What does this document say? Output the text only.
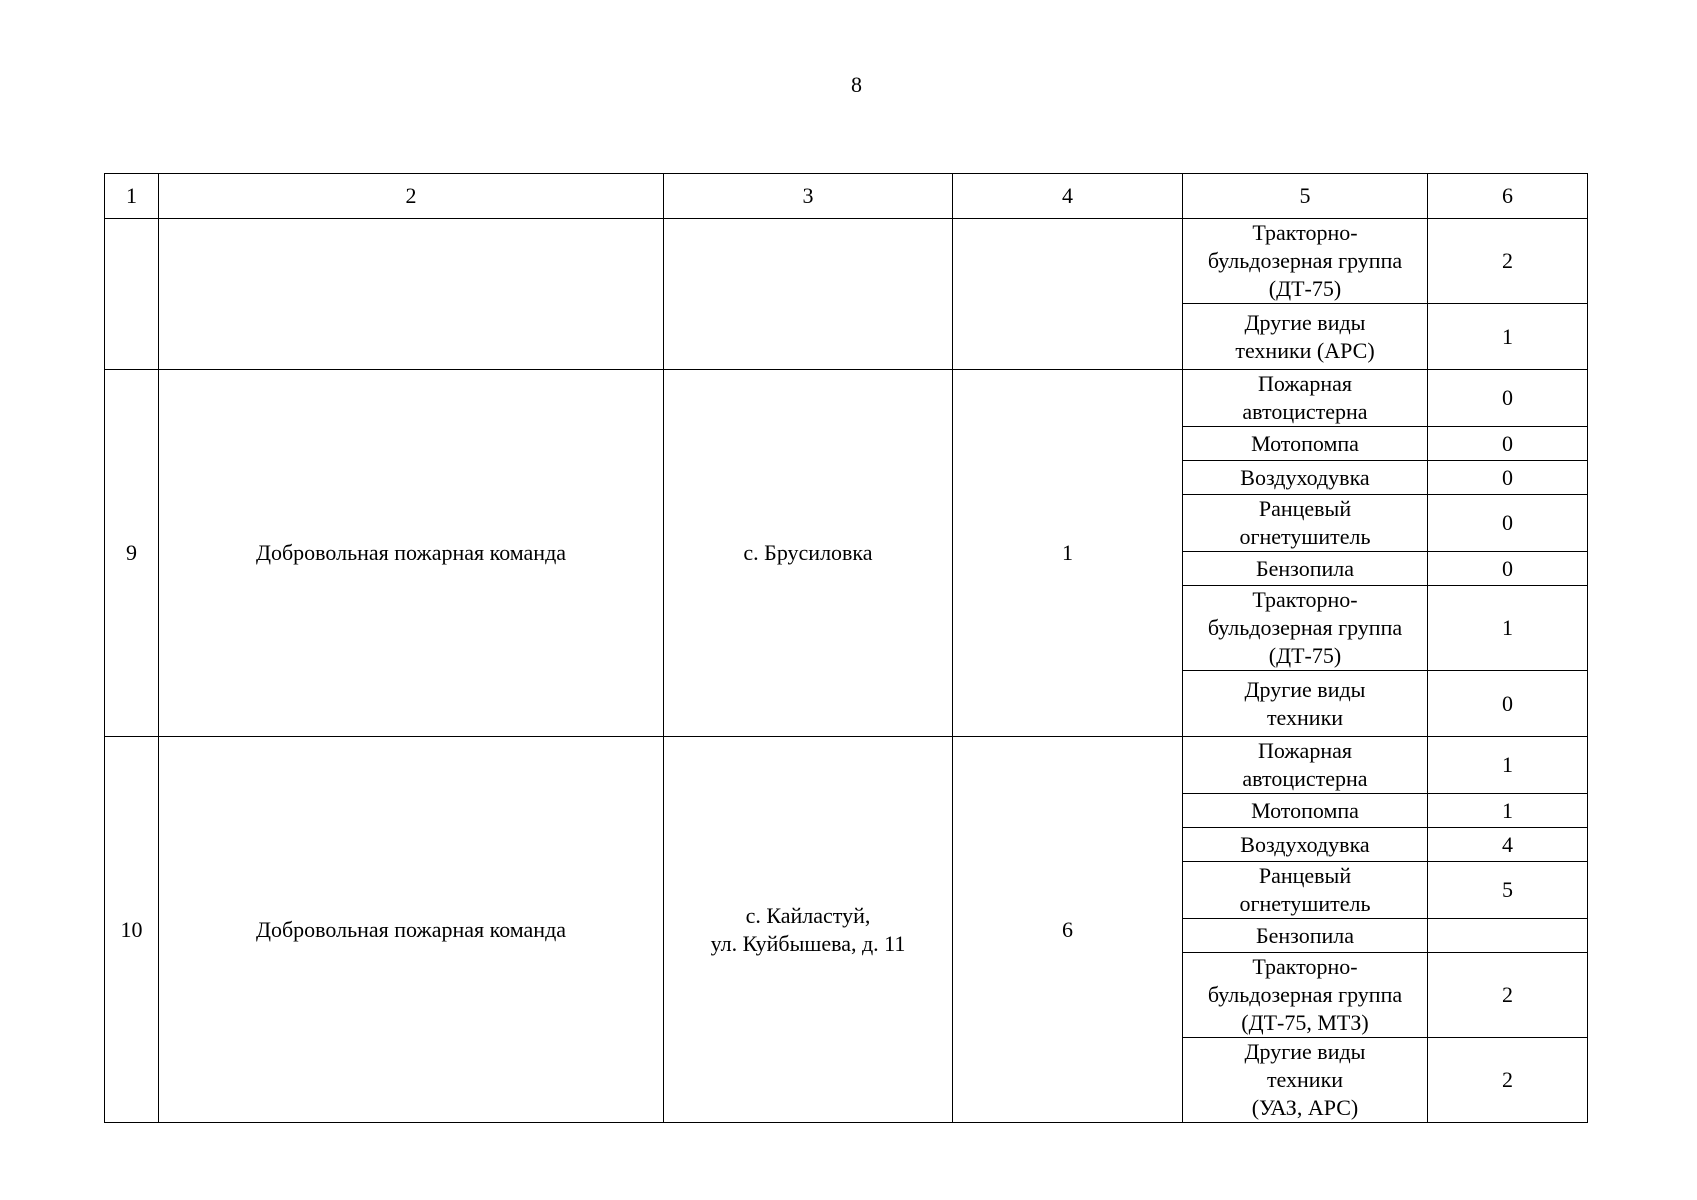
8
1	2	3	4	5	6
				Тракторно-
бульдозерная группа
(ДТ-75)	2
				Другие виды
техники (АРС)	1
9	Добровольная пожарная команда	с. Брусиловка	1	Пожарная
автоцистерна	0
				Мотопомпа	0
				Воздуходувка	0
				Ранцевый
огнетушитель	0
				Бензопила	0
				Тракторно-
бульдозерная группа
(ДТ-75)	1
				Другие виды
техники	0
10	Добровольная пожарная команда	с. Кайластуй,
ул. Куйбышева, д. 11	6	Пожарная
автоцистерна	1
				Мотопомпа	1
				Воздуходувка	4
				Ранцевый
огнетушитель	5
				Бензопила	
				Тракторно-
бульдозерная группа
(ДТ-75, МТЗ)	2
				Другие виды
техники
(УАЗ, АРС)	2
